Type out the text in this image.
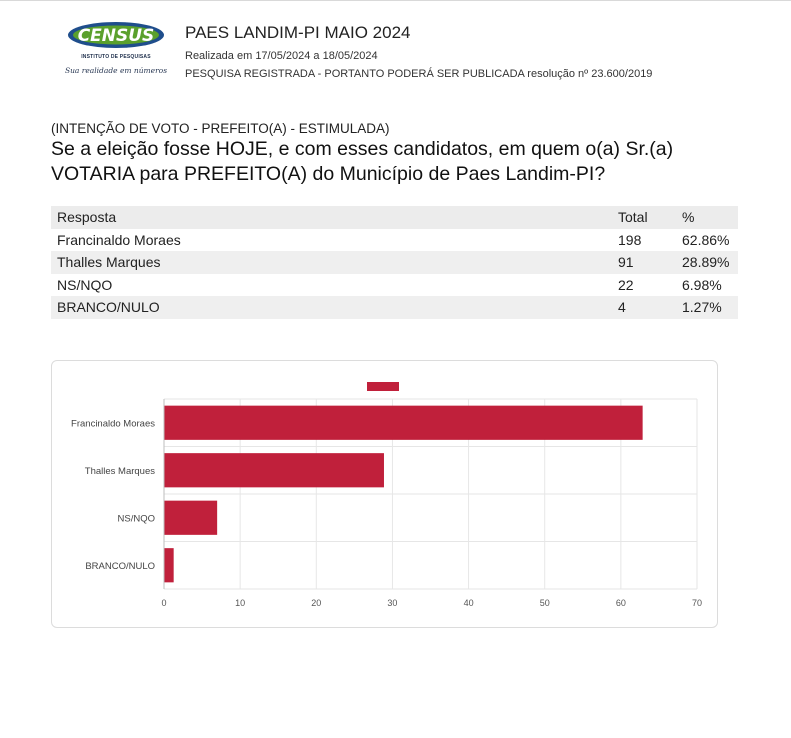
CENSUS
INSTITUTO DE PESQUISAS
Sua realidade em números
PAES LANDIM-PI MAIO 2024
Realizada em 17/05/2024 a 18/05/2024
PESQUISA REGISTRADA - PORTANTO PODERÁ SER PUBLICADA resolução nº 23.600/2019
(INTENÇÃO DE VOTO - PREFEITO(A) - ESTIMULADA)
Se a eleição fosse HOJE, e com esses candidatos, em quem o(a) Sr.(a) VOTARIA para PREFEITO(A) do Município de Paes Landim-PI?
Resposta	Total	%
Francinaldo Moraes	198	62.86%
Thalles Marques	91	28.89%
NS/NQO	22	6.98%
BRANCO/NULO	4	1.27%
0	10	20	30	40	50	60	70
Francinaldo Moraes
Thalles Marques
NS/NQO
BRANCO/NULO
